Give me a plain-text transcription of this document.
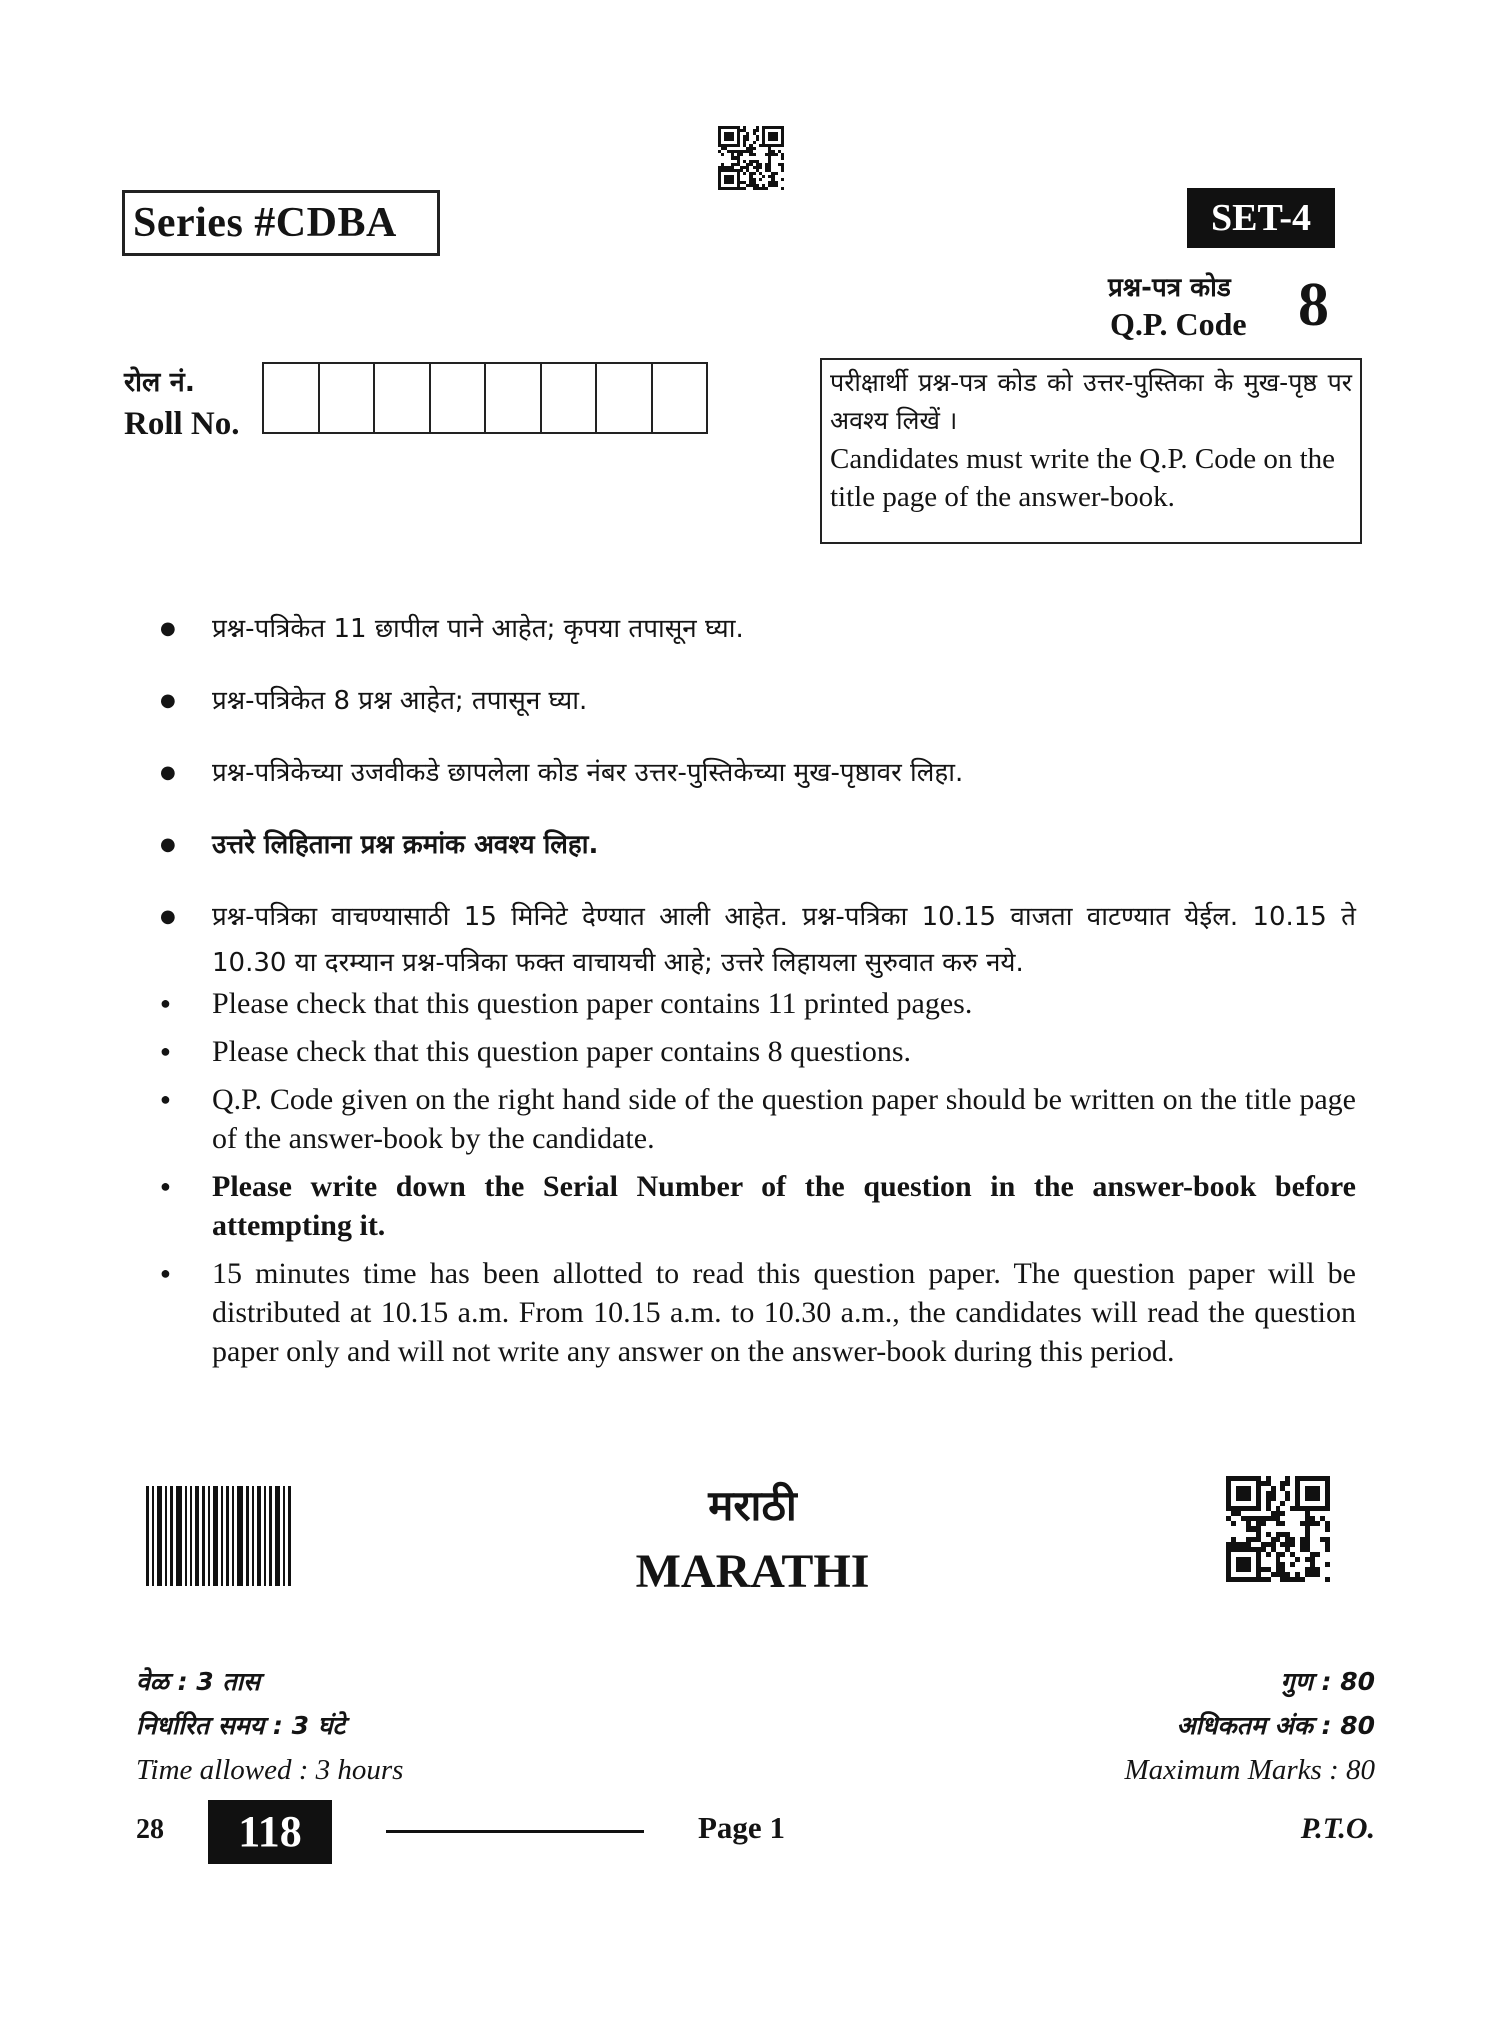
Series #CDBA	SET-4
प्रश्न-पत्र कोड
Q.P. Code 8
रोल नं.
Roll No.
परीक्षार्थी प्रश्न-पत्र कोड को उत्तर-पुस्तिका के मुख-पृष्ठ पर अवश्य लिखें ।
Candidates must write the Q.P. Code on the title page of the answer-book.
● प्रश्न-पत्रिकेत 11 छापील पाने आहेत; कृपया तपासून घ्या.
● प्रश्न-पत्रिकेत 8 प्रश्न आहेत; तपासून घ्या.
● प्रश्न-पत्रिकेच्या उजवीकडे छापलेला कोड नंबर उत्तर-पुस्तिकेच्या मुख-पृष्ठावर लिहा.
● उत्तरे लिहिताना प्रश्न क्रमांक अवश्य लिहा.
● प्रश्न-पत्रिका वाचण्यासाठी 15 मिनिटे देण्यात आली आहेत. प्रश्न-पत्रिका 10.15 वाजता वाटण्यात येईल. 10.15 ते 10.30 या दरम्यान प्रश्न-पत्रिका फक्त वाचायची आहे; उत्तरे लिहायला सुरुवात करु नये.
● Please check that this question paper contains 11 printed pages.
● Please check that this question paper contains 8 questions.
● Q.P. Code given on the right hand side of the question paper should be written on the title page of the answer-book by the candidate.
● Please write down the Serial Number of the question in the answer-book before attempting it.
● 15 minutes time has been allotted to read this question paper. The question paper will be distributed at 10.15 a.m. From 10.15 a.m. to 10.30 a.m., the candidates will read the question paper only and will not write any answer on the answer-book during this period.
मराठी
MARATHI
वेळ : 3 तास
निर्धारित समय : 3 घंटे
Time allowed : 3 hours
गुण : 80
अधिकतम अंक : 80
Maximum Marks : 80
28	118	Page 1	P.T.O.
